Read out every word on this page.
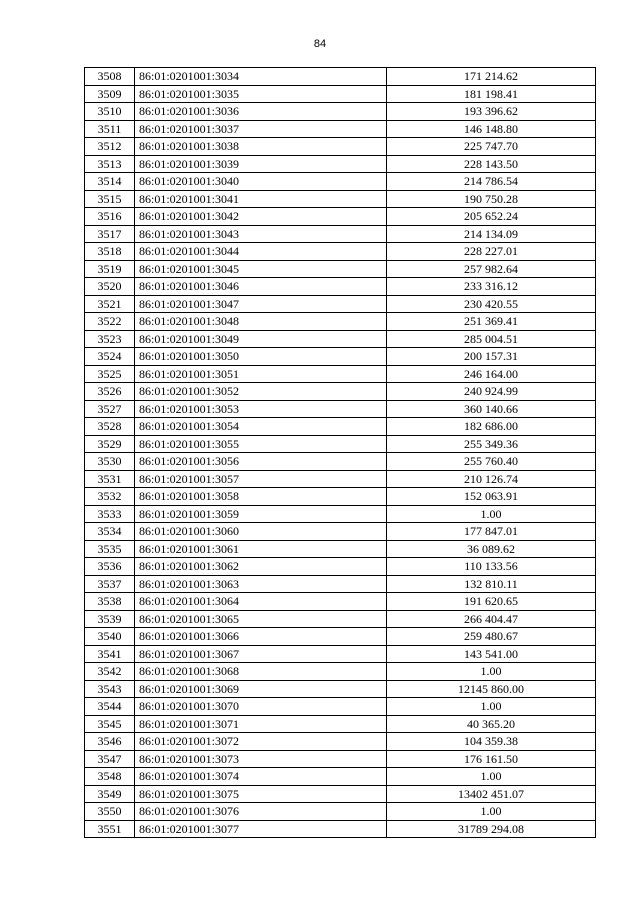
84
3508	86:01:0201001:3034	171 214.62
3509	86:01:0201001:3035	181 198.41
3510	86:01:0201001:3036	193 396.62
3511	86:01:0201001:3037	146 148.80
3512	86:01:0201001:3038	225 747.70
3513	86:01:0201001:3039	228 143.50
3514	86:01:0201001:3040	214 786.54
3515	86:01:0201001:3041	190 750.28
3516	86:01:0201001:3042	205 652.24
3517	86:01:0201001:3043	214 134.09
3518	86:01:0201001:3044	228 227.01
3519	86:01:0201001:3045	257 982.64
3520	86:01:0201001:3046	233 316.12
3521	86:01:0201001:3047	230 420.55
3522	86:01:0201001:3048	251 369.41
3523	86:01:0201001:3049	285 004.51
3524	86:01:0201001:3050	200 157.31
3525	86:01:0201001:3051	246 164.00
3526	86:01:0201001:3052	240 924.99
3527	86:01:0201001:3053	360 140.66
3528	86:01:0201001:3054	182 686.00
3529	86:01:0201001:3055	255 349.36
3530	86:01:0201001:3056	255 760.40
3531	86:01:0201001:3057	210 126.74
3532	86:01:0201001:3058	152 063.91
3533	86:01:0201001:3059	1.00
3534	86:01:0201001:3060	177 847.01
3535	86:01:0201001:3061	36 089.62
3536	86:01:0201001:3062	110 133.56
3537	86:01:0201001:3063	132 810.11
3538	86:01:0201001:3064	191 620.65
3539	86:01:0201001:3065	266 404.47
3540	86:01:0201001:3066	259 480.67
3541	86:01:0201001:3067	143 541.00
3542	86:01:0201001:3068	1.00
3543	86:01:0201001:3069	12145 860.00
3544	86:01:0201001:3070	1.00
3545	86:01:0201001:3071	40 365.20
3546	86:01:0201001:3072	104 359.38
3547	86:01:0201001:3073	176 161.50
3548	86:01:0201001:3074	1.00
3549	86:01:0201001:3075	13402 451.07
3550	86:01:0201001:3076	1.00
3551	86:01:0201001:3077	31789 294.08
